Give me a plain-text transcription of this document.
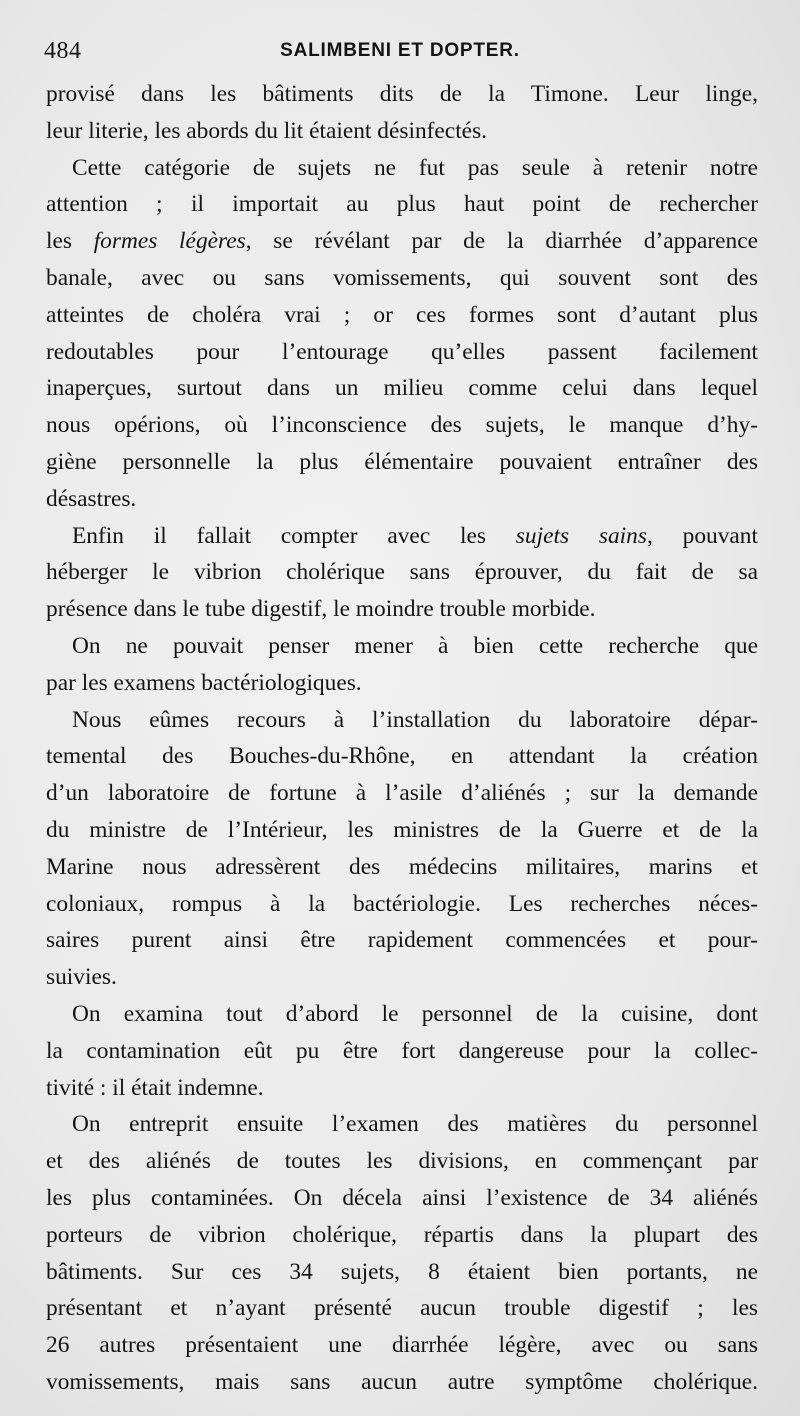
484	SALIMBENI ET DOPTER.
provisé dans les bâtiments dits de la Timone. Leur linge,
leur literie, les abords du lit étaient désinfectés.
Cette catégorie de sujets ne fut pas seule à retenir notre
attention ; il importait au plus haut point de rechercher
les formes légères, se révélant par de la diarrhée d’apparence
banale, avec ou sans vomissements, qui souvent sont des
atteintes de choléra vrai ; or ces formes sont d’autant plus
redoutables pour l’entourage qu’elles passent facilement
inaperçues, surtout dans un milieu comme celui dans lequel
nous opérions, où l’inconscience des sujets, le manque d’hy-
giène personnelle la plus élémentaire pouvaient entraîner des
désastres.
Enfin il fallait compter avec les sujets sains, pouvant
héberger le vibrion cholérique sans éprouver, du fait de sa
présence dans le tube digestif, le moindre trouble morbide.
On ne pouvait penser mener à bien cette recherche que
par les examens bactériologiques.
Nous eûmes recours à l’installation du laboratoire dépar-
temental des Bouches-du-Rhône, en attendant la création
d’un laboratoire de fortune à l’asile d’aliénés ; sur la demande
du ministre de l’Intérieur, les ministres de la Guerre et de la
Marine nous adressèrent des médecins militaires, marins et
coloniaux, rompus à la bactériologie. Les recherches néces-
saires purent ainsi être rapidement commencées et pour-
suivies.
On examina tout d’abord le personnel de la cuisine, dont
la contamination eût pu être fort dangereuse pour la collec-
tivité : il était indemne.
On entreprit ensuite l’examen des matières du personnel
et des aliénés de toutes les divisions, en commençant par
les plus contaminées. On décela ainsi l’existence de 34 aliénés
porteurs de vibrion cholérique, répartis dans la plupart des
bâtiments. Sur ces 34 sujets, 8 étaient bien portants, ne
présentant et n’ayant présenté aucun trouble digestif ; les
26 autres présentaient une diarrhée légère, avec ou sans
vomissements, mais sans aucun autre symptôme cholérique.
